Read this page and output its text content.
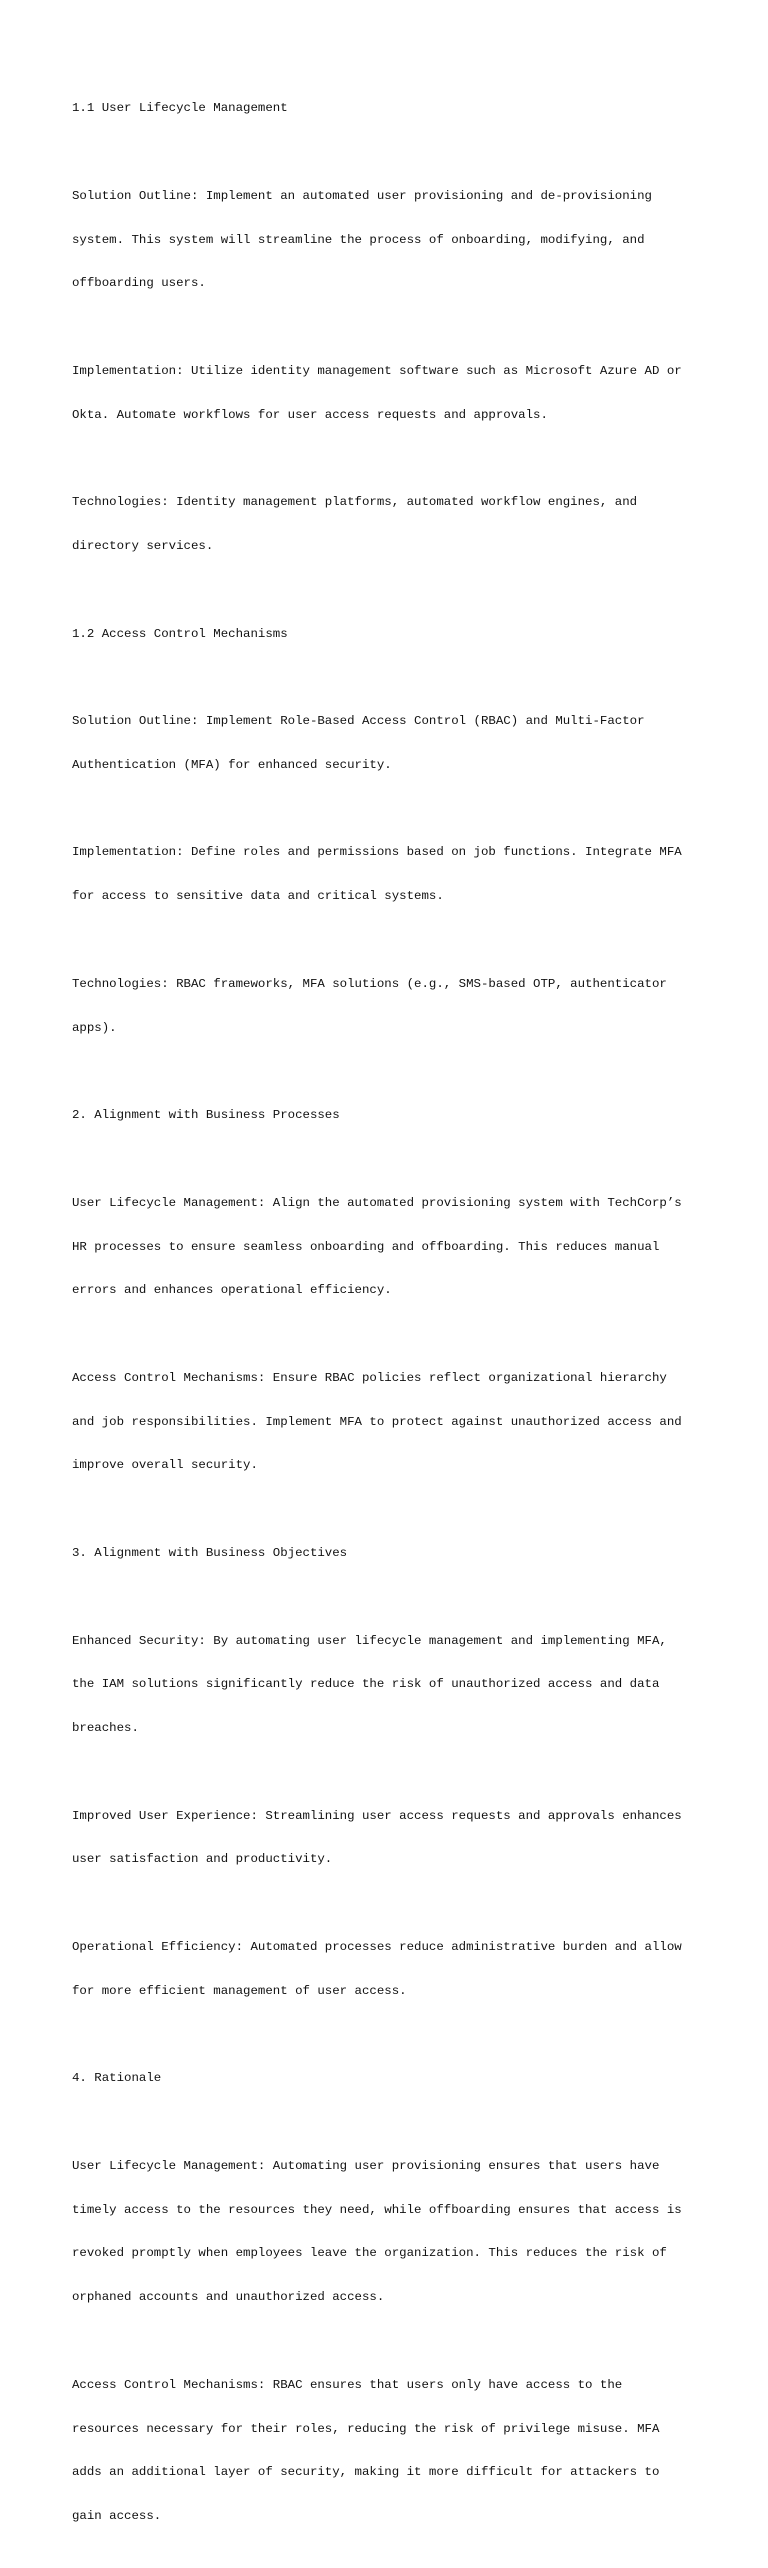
1.1 User Lifecycle Management

Solution Outline: Implement an automated user provisioning and de-provisioning

system. This system will streamline the process of onboarding, modifying, and

offboarding users.

Implementation: Utilize identity management software such as Microsoft Azure AD or

Okta. Automate workflows for user access requests and approvals.

Technologies: Identity management platforms, automated workflow engines, and

directory services.

1.2 Access Control Mechanisms

Solution Outline: Implement Role-Based Access Control (RBAC) and Multi-Factor

Authentication (MFA) for enhanced security.

Implementation: Define roles and permissions based on job functions. Integrate MFA

for access to sensitive data and critical systems.

Technologies: RBAC frameworks, MFA solutions (e.g., SMS-based OTP, authenticator

apps).

2. Alignment with Business Processes

User Lifecycle Management: Align the automated provisioning system with TechCorp’s

HR processes to ensure seamless onboarding and offboarding. This reduces manual

errors and enhances operational efficiency.

Access Control Mechanisms: Ensure RBAC policies reflect organizational hierarchy

and job responsibilities. Implement MFA to protect against unauthorized access and

improve overall security.

3. Alignment with Business Objectives

Enhanced Security: By automating user lifecycle management and implementing MFA,

the IAM solutions significantly reduce the risk of unauthorized access and data

breaches.

Improved User Experience: Streamlining user access requests and approvals enhances

user satisfaction and productivity.

Operational Efficiency: Automated processes reduce administrative burden and allow

for more efficient management of user access.

4. Rationale

User Lifecycle Management: Automating user provisioning ensures that users have

timely access to the resources they need, while offboarding ensures that access is

revoked promptly when employees leave the organization. This reduces the risk of

orphaned accounts and unauthorized access.

Access Control Mechanisms: RBAC ensures that users only have access to the

resources necessary for their roles, reducing the risk of privilege misuse. MFA

adds an additional layer of security, making it more difficult for attackers to

gain access.
